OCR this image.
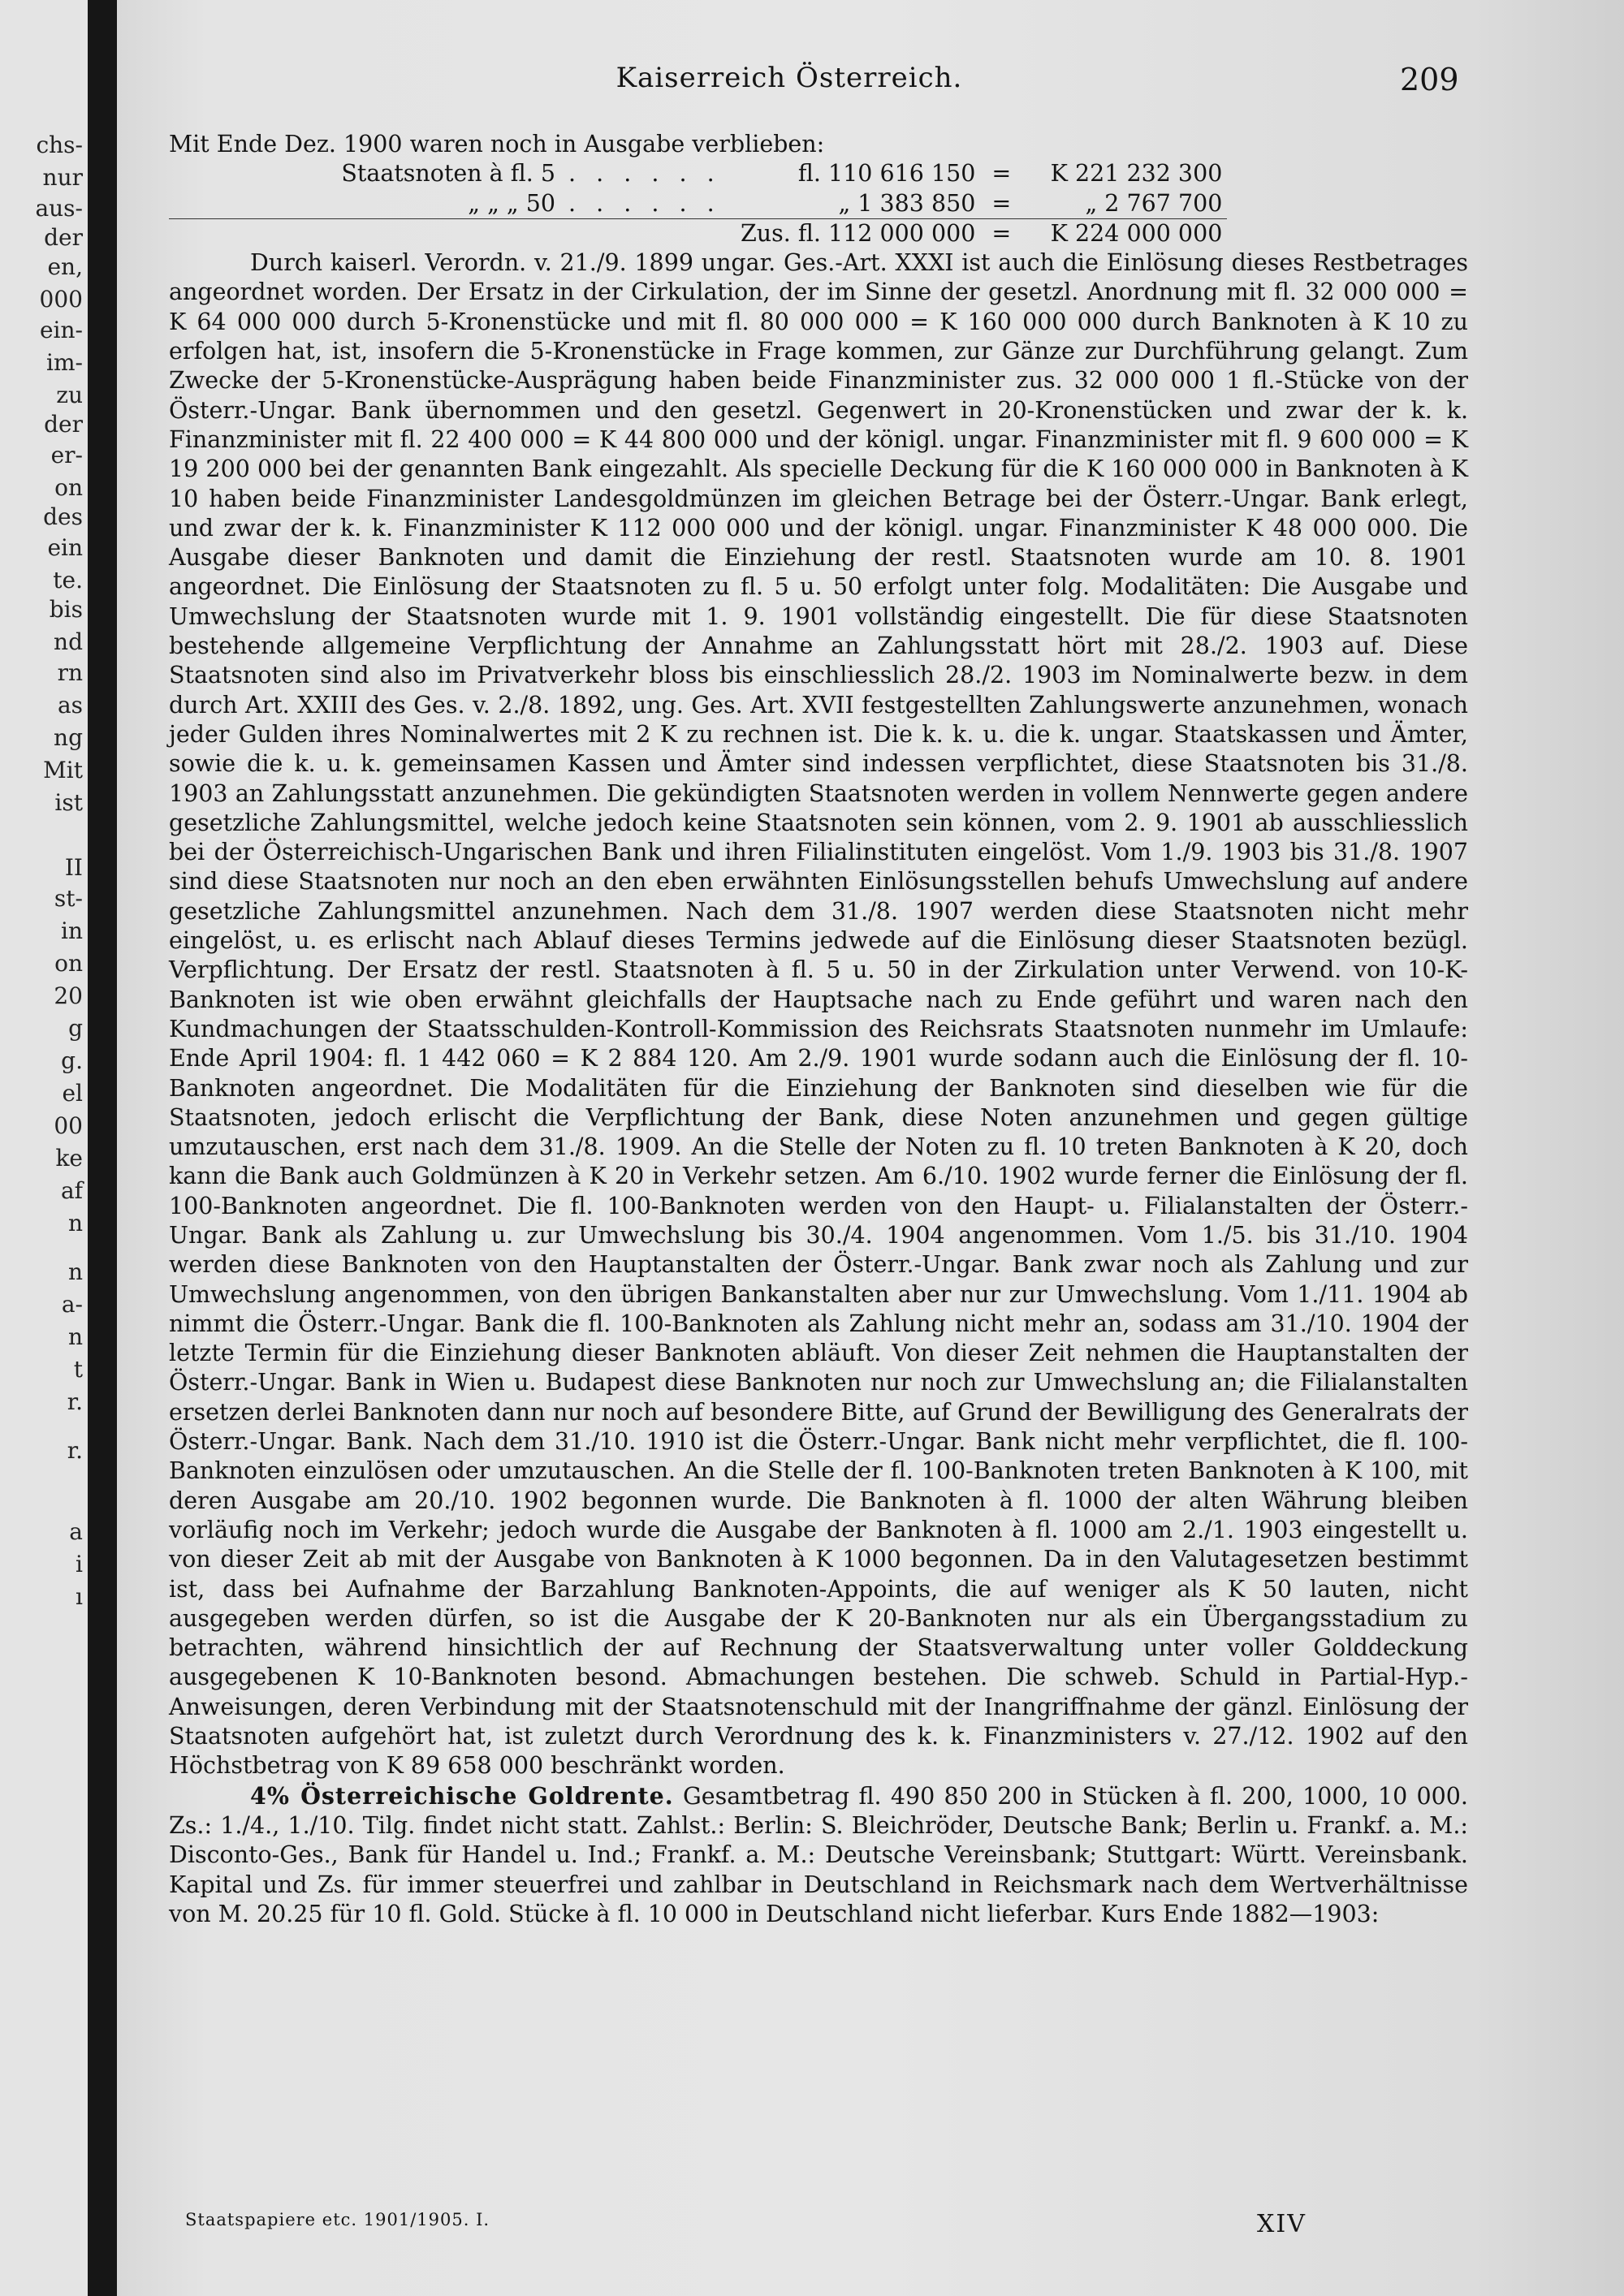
chs-
nur
aus-
der
en,
000
ein-
im-
zu
der
er-
on
des
ein
te.
bis
nd
rn
as
ng
Mit
ist
II
st-
in
on
20
g
g.
el
00
ke
af
n
n
a-
n
t
r.
r.
a
i
ı
Kaiserreich Österreich.	209

Mit Ende Dez. 1900 waren noch in Ausgabe verblieben:

Staatsnoten à fl. 5	. . . . . .	fl. 110 616 150	=	K 221 232 300
„ „ „ 50	. . . . . .	„ 1 383 850	=	„ 2 767 700
		Zus. fl. 112 000 000	=	K 224 000 000

Durch kaiserl. Verordn. v. 21./9. 1899 ungar. Ges.-Art. XXXI ist auch die Einlösung dieses Restbetrages angeordnet worden. Der Ersatz in der Cirkulation, der im Sinne der gesetzl. Anordnung mit fl. 32 000 000 = K 64 000 000 durch 5-Kronenstücke und mit fl. 80 000 000 = K 160 000 000 durch Banknoten à K 10 zu erfolgen hat, ist, insofern die 5-Kronenstücke in Frage kommen, zur Gänze zur Durchführung gelangt. Zum Zwecke der 5-Kronenstücke-Ausprägung haben beide Finanzminister zus. 32 000 000 1 fl.-Stücke von der Österr.-Ungar. Bank übernommen und den gesetzl. Gegenwert in 20-Kronenstücken und zwar der k. k. Finanzminister mit fl. 22 400 000 = K 44 800 000 und der königl. ungar. Finanzminister mit fl. 9 600 000 = K 19 200 000 bei der genannten Bank eingezahlt. Als specielle Deckung für die K 160 000 000 in Banknoten à K 10 haben beide Finanzminister Landesgoldmünzen im gleichen Betrage bei der Österr.-Ungar. Bank erlegt, und zwar der k. k. Finanzminister K 112 000 000 und der königl. ungar. Finanzminister K 48 000 000. Die Ausgabe dieser Banknoten und damit die Einziehung der restl. Staatsnoten wurde am 10. 8. 1901 angeordnet. Die Einlösung der Staatsnoten zu fl. 5 u. 50 erfolgt unter folg. Modalitäten: Die Ausgabe und Umwechslung der Staatsnoten wurde mit 1. 9. 1901 vollständig eingestellt. Die für diese Staatsnoten bestehende allgemeine Verpflichtung der Annahme an Zahlungsstatt hört mit 28./2. 1903 auf. Diese Staatsnoten sind also im Privatverkehr bloss bis einschliesslich 28./2. 1903 im Nominalwerte bezw. in dem durch Art. XXIII des Ges. v. 2./8. 1892, ung. Ges. Art. XVII festgestellten Zahlungswerte anzunehmen, wonach jeder Gulden ihres Nominalwertes mit 2 K zu rechnen ist. Die k. k. u. die k. ungar. Staatskassen und Ämter, sowie die k. u. k. gemeinsamen Kassen und Ämter sind indessen verpflichtet, diese Staatsnoten bis 31./8. 1903 an Zahlungsstatt anzunehmen. Die gekündigten Staatsnoten werden in vollem Nennwerte gegen andere gesetzliche Zahlungsmittel, welche jedoch keine Staatsnoten sein können, vom 2. 9. 1901 ab ausschliesslich bei der Österreichisch-Ungarischen Bank und ihren Filialinstituten eingelöst. Vom 1./9. 1903 bis 31./8. 1907 sind diese Staatsnoten nur noch an den eben erwähnten Einlösungsstellen behufs Umwechslung auf andere gesetzliche Zahlungsmittel anzunehmen. Nach dem 31./8. 1907 werden diese Staatsnoten nicht mehr eingelöst, u. es erlischt nach Ablauf dieses Termins jedwede auf die Einlösung dieser Staatsnoten bezügl. Verpflichtung. Der Ersatz der restl. Staatsnoten à fl. 5 u. 50 in der Zirkulation unter Verwend. von 10-K-Banknoten ist wie oben erwähnt gleichfalls der Hauptsache nach zu Ende geführt und waren nach den Kundmachungen der Staatsschulden-Kontroll-Kommission des Reichsrats Staatsnoten nunmehr im Umlaufe: Ende April 1904: fl. 1 442 060 = K 2 884 120. Am 2./9. 1901 wurde sodann auch die Einlösung der fl. 10-Banknoten angeordnet. Die Modalitäten für die Einziehung der Banknoten sind dieselben wie für die Staatsnoten, jedoch erlischt die Verpflichtung der Bank, diese Noten anzunehmen und gegen gültige umzutauschen, erst nach dem 31./8. 1909. An die Stelle der Noten zu fl. 10 treten Banknoten à K 20, doch kann die Bank auch Goldmünzen à K 20 in Verkehr setzen. Am 6./10. 1902 wurde ferner die Einlösung der fl. 100-Banknoten angeordnet. Die fl. 100-Banknoten werden von den Haupt- u. Filialanstalten der Österr.-Ungar. Bank als Zahlung u. zur Umwechslung bis 30./4. 1904 angenommen. Vom 1./5. bis 31./10. 1904 werden diese Banknoten von den Hauptanstalten der Österr.-Ungar. Bank zwar noch als Zahlung und zur Umwechslung angenommen, von den übrigen Bankanstalten aber nur zur Umwechslung. Vom 1./11. 1904 ab nimmt die Österr.-Ungar. Bank die fl. 100-Banknoten als Zahlung nicht mehr an, sodass am 31./10. 1904 der letzte Termin für die Einziehung dieser Banknoten abläuft. Von dieser Zeit nehmen die Hauptanstalten der Österr.-Ungar. Bank in Wien u. Budapest diese Banknoten nur noch zur Umwechslung an; die Filialanstalten ersetzen derlei Banknoten dann nur noch auf besondere Bitte, auf Grund der Bewilligung des Generalrats der Österr.-Ungar. Bank. Nach dem 31./10. 1910 ist die Österr.-Ungar. Bank nicht mehr verpflichtet, die fl. 100-Banknoten einzulösen oder umzutauschen. An die Stelle der fl. 100-Banknoten treten Banknoten à K 100, mit deren Ausgabe am 20./10. 1902 begonnen wurde. Die Banknoten à fl. 1000 der alten Währung bleiben vorläufig noch im Verkehr; jedoch wurde die Ausgabe der Banknoten à fl. 1000 am 2./1. 1903 eingestellt u. von dieser Zeit ab mit der Ausgabe von Banknoten à K 1000 begonnen. Da in den Valutagesetzen bestimmt ist, dass bei Aufnahme der Barzahlung Banknoten-Appoints, die auf weniger als K 50 lauten, nicht ausgegeben werden dürfen, so ist die Ausgabe der K 20-Banknoten nur als ein Übergangsstadium zu betrachten, während hinsichtlich der auf Rechnung der Staatsverwaltung unter voller Golddeckung ausgegebenen K 10-Banknoten besond. Abmachungen bestehen. Die schweb. Schuld in Partial-Hyp.-Anweisungen, deren Verbindung mit der Staatsnotenschuld mit der Inangriffnahme der gänzl. Einlösung der Staatsnoten aufgehört hat, ist zuletzt durch Verordnung des k. k. Finanzministers v. 27./12. 1902 auf den Höchstbetrag von K 89 658 000 beschränkt worden.

4% Österreichische Goldrente. Gesamtbetrag fl. 490 850 200 in Stücken à fl. 200, 1000, 10 000. Zs.: 1./4., 1./10. Tilg. findet nicht statt. Zahlst.: Berlin: S. Bleichröder, Deutsche Bank; Berlin u. Frankf. a. M.: Disconto-Ges., Bank für Handel u. Ind.; Frankf. a. M.: Deutsche Vereinsbank; Stuttgart: Württ. Vereinsbank. Kapital und Zs. für immer steuerfrei und zahlbar in Deutschland in Reichsmark nach dem Wertverhältnisse von M. 20.25 für 10 fl. Gold. Stücke à fl. 10 000 in Deutschland nicht lieferbar. Kurs Ende 1882—1903:

Staatspapiere etc. 1901/1905. I.	XIV
